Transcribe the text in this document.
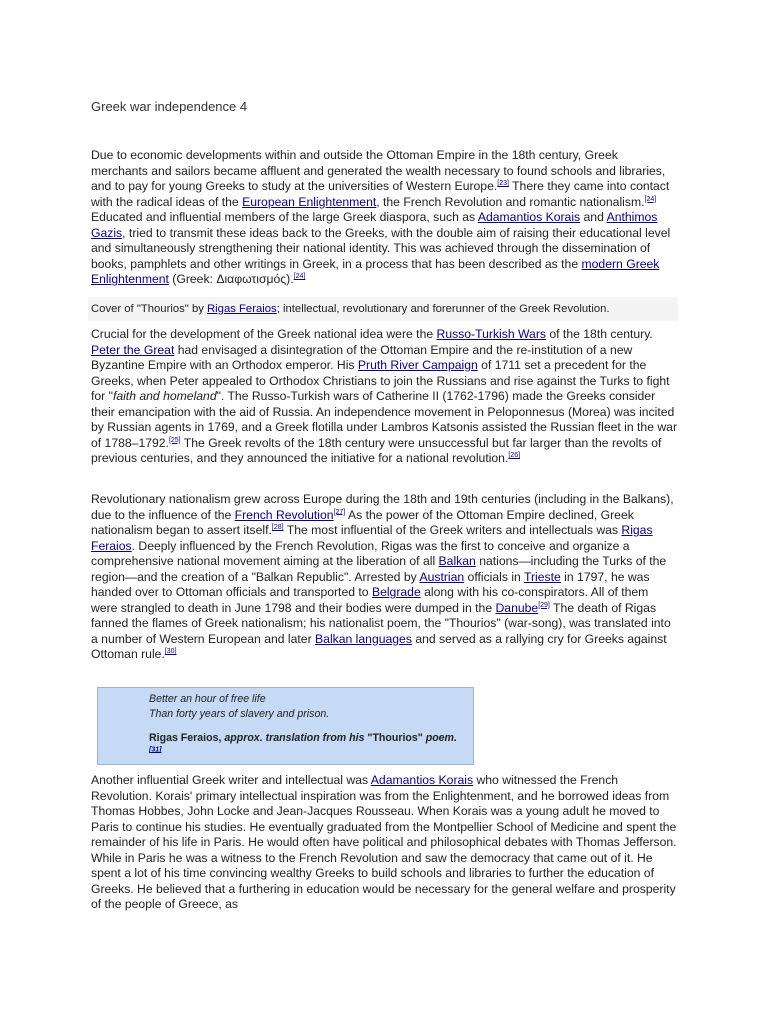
Greek war independence 4

Due to economic developments within and outside the Ottoman Empire in the 18th century, Greek merchants and sailors became affluent and generated the wealth necessary to found schools and libraries, and to pay for young Greeks to study at the universities of Western Europe.[23] There they came into contact with the radical ideas of the European Enlightenment, the French Revolution and romantic nationalism.[24] Educated and influential members of the large Greek diaspora, such as Adamantios Korais and Anthimos Gazis, tried to transmit these ideas back to the Greeks, with the double aim of raising their educational level and simultaneously strengthening their national identity. This was achieved through the dissemination of books, pamphlets and other writings in Greek, in a process that has been described as the modern Greek Enlightenment (Greek: Διαφωτισμός).[24]

Cover of "Thourios" by Rigas Feraios; intellectual, revolutionary and forerunner of the Greek Revolution.

Crucial for the development of the Greek national idea were the Russo-Turkish Wars of the 18th century. Peter the Great had envisaged a disintegration of the Ottoman Empire and the re-institution of a new Byzantine Empire with an Orthodox emperor. His Pruth River Campaign of 1711 set a precedent for the Greeks, when Peter appealed to Orthodox Christians to join the Russians and rise against the Turks to fight for "faith and homeland". The Russo-Turkish wars of Catherine II (1762-1796) made the Greeks consider their emancipation with the aid of Russia. An independence movement in Peloponnesus (Morea) was incited by Russian agents in 1769, and a Greek flotilla under Lambros Katsonis assisted the Russian fleet in the war of 1788–1792.[25] The Greek revolts of the 18th century were unsuccessful but far larger than the revolts of previous centuries, and they announced the initiative for a national revolution.[26]

Revolutionary nationalism grew across Europe during the 18th and 19th centuries (including in the Balkans), due to the influence of the French Revolution[27] As the power of the Ottoman Empire declined, Greek nationalism began to assert itself.[28] The most influential of the Greek writers and intellectuals was Rigas Feraios. Deeply influenced by the French Revolution, Rigas was the first to conceive and organize a comprehensive national movement aiming at the liberation of all Balkan nations—including the Turks of the region—and the creation of a "Balkan Republic". Arrested by Austrian officials in Trieste in 1797, he was handed over to Ottoman officials and transported to Belgrade along with his co-conspirators. All of them were strangled to death in June 1798 and their bodies were dumped in the Danube[29] The death of Rigas fanned the flames of Greek nationalism; his nationalist poem, the "Thourios" (war-song), was translated into a number of Western European and later Balkan languages and served as a rallying cry for Greeks against Ottoman rule.[30]

Better an hour of free life
Than forty years of slavery and prison.
Rigas Feraios, approx. translation from his "Thourios" poem.[31]

Another influential Greek writer and intellectual was Adamantios Korais who witnessed the French Revolution. Korais' primary intellectual inspiration was from the Enlightenment, and he borrowed ideas from Thomas Hobbes, John Locke and Jean-Jacques Rousseau. When Korais was a young adult he moved to Paris to continue his studies. He eventually graduated from the Montpellier School of Medicine and spent the remainder of his life in Paris. He would often have political and philosophical debates with Thomas Jefferson. While in Paris he was a witness to the French Revolution and saw the democracy that came out of it. He spent a lot of his time convincing wealthy Greeks to build schools and libraries to further the education of Greeks. He believed that a furthering in education would be necessary for the general welfare and prosperity of the people of Greece, as
